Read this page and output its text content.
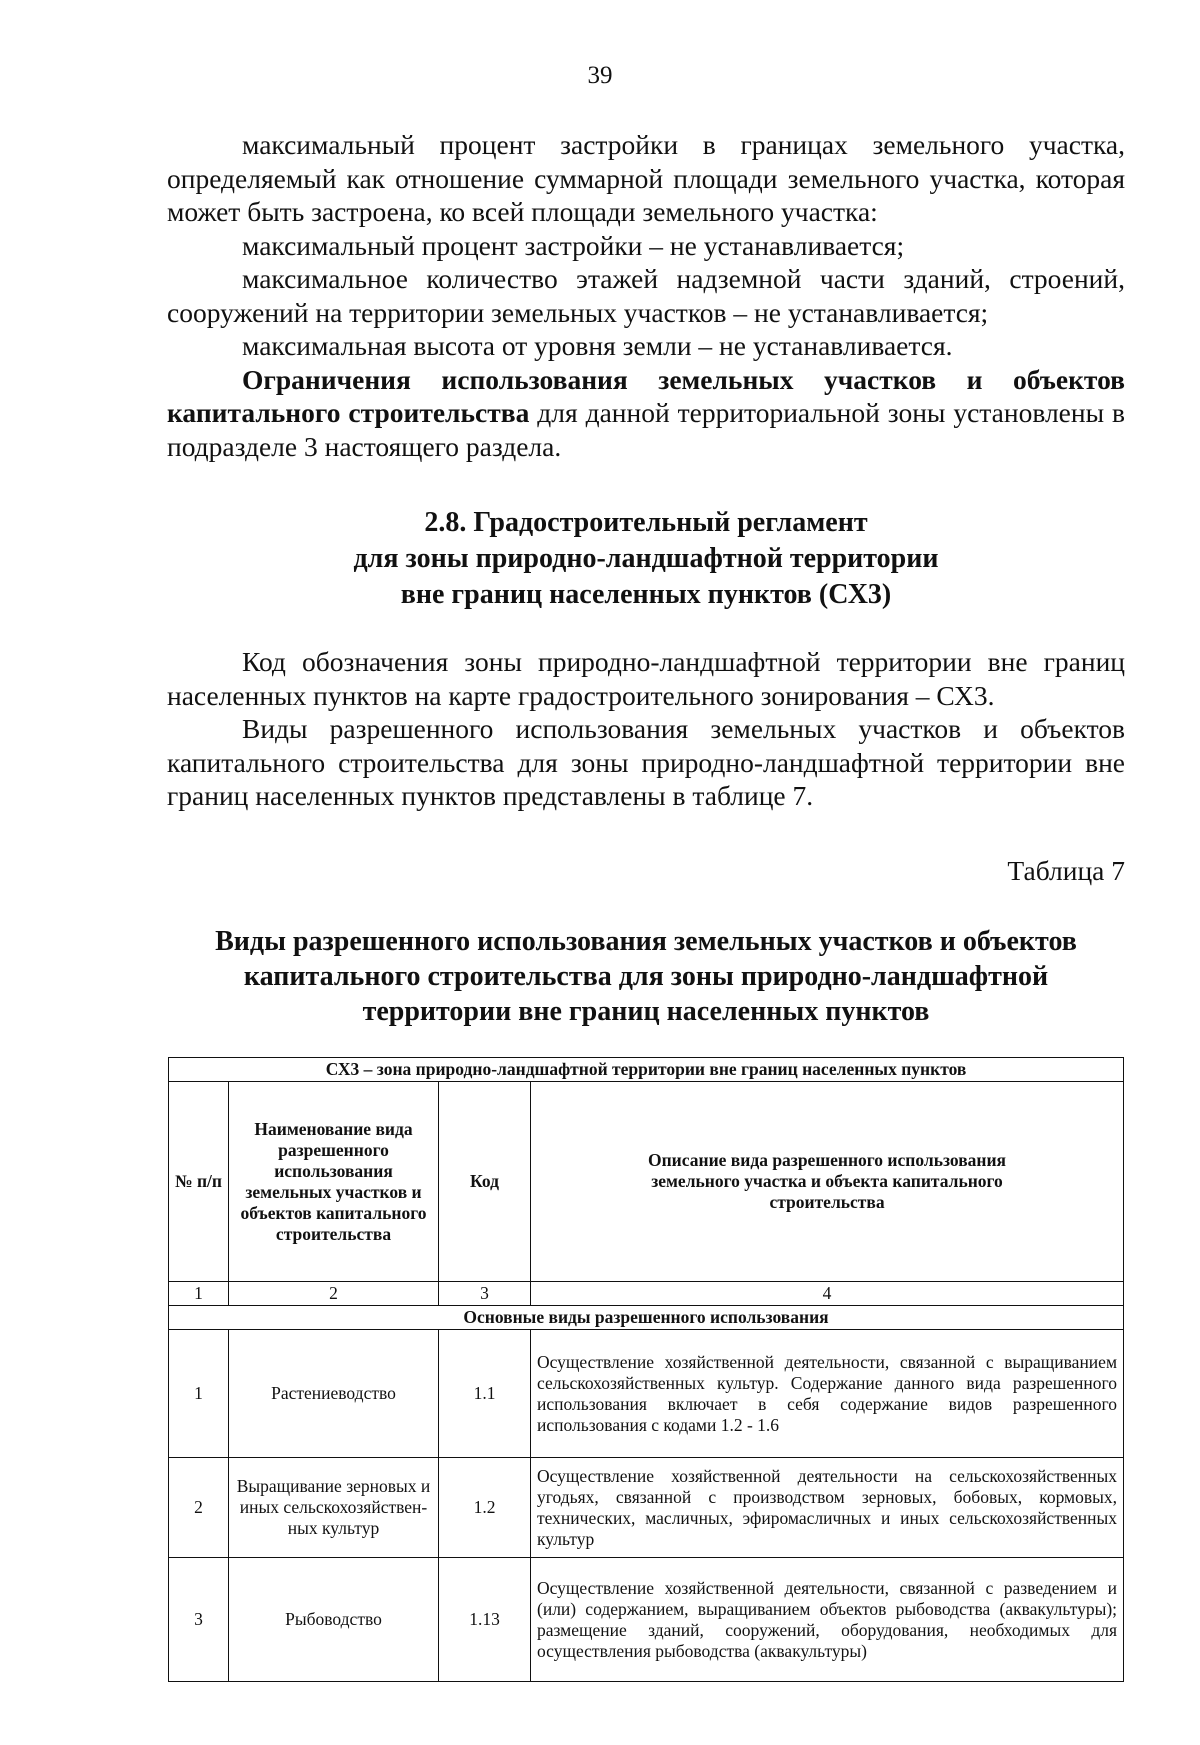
39

максимальный процент застройки в границах земельного участка, определяемый как отношение суммарной площади земельного участка, которая может быть застроена, ко всей площади земельного участка:

максимальный процент застройки – не устанавливается;

максимальное количество этажей надземной части зданий, строений, сооружений на территории земельных участков – не устанавливается;

максимальная высота от уровня земли – не устанавливается.

Ограничения использования земельных участков и объектов капитального строительства для данной территориальной зоны установлены в подразделе 3 настоящего раздела.

2.8. Градостроительный регламент
для зоны природно-ландшафтной территории
вне границ населенных пунктов (СХ3)

Код обозначения зоны природно-ландшафтной территории вне границ населенных пунктов на карте градостроительного зонирования – СХ3.

Виды разрешенного использования земельных участков и объектов капитального строительства для зоны природно-ландшафтной территории вне границ населенных пунктов представлены в таблице 7.

Таблица 7
Виды разрешенного использования земельных участков и объектов
капитального строительства для зоны природно-ландшафтной
территории вне границ населенных пунктов
СХ3 – зона природно-ландшафтной территории вне границ населенных пунктов			
№ п/п	Наименование вида разрешенного использования земельных участков и объектов капитального строительства	Код	Описание вида разрешенного использования земельного участка и объекта капитального строительства
1	2	3	4
Основные виды разрешенного использования			
1	Растениеводство	1.1	Осуществление хозяйственной деятельности, связанной с выращиванием сельскохозяйственных культур. Содержание данного вида разрешенного использования включает в себя содержание видов разрешенного использования с кодами 1.2 - 1.6
2	Выращивание зерновых и иных сельскохозяйствен-ных культур	1.2	Осуществление хозяйственной деятельности на сельскохозяйственных угодьях, связанной с производством зерновых, бобовых, кормовых, технических, масличных, эфиромасличных и иных сельскохозяйственных культур
3	Рыбоводство	1.13	Осуществление хозяйственной деятельности, связанной с разведением и (или) содержанием, выращиванием объектов рыбоводства (аквакультуры); размещение зданий, сооружений, оборудования, необходимых для осуществления рыбоводства (аквакультуры)
